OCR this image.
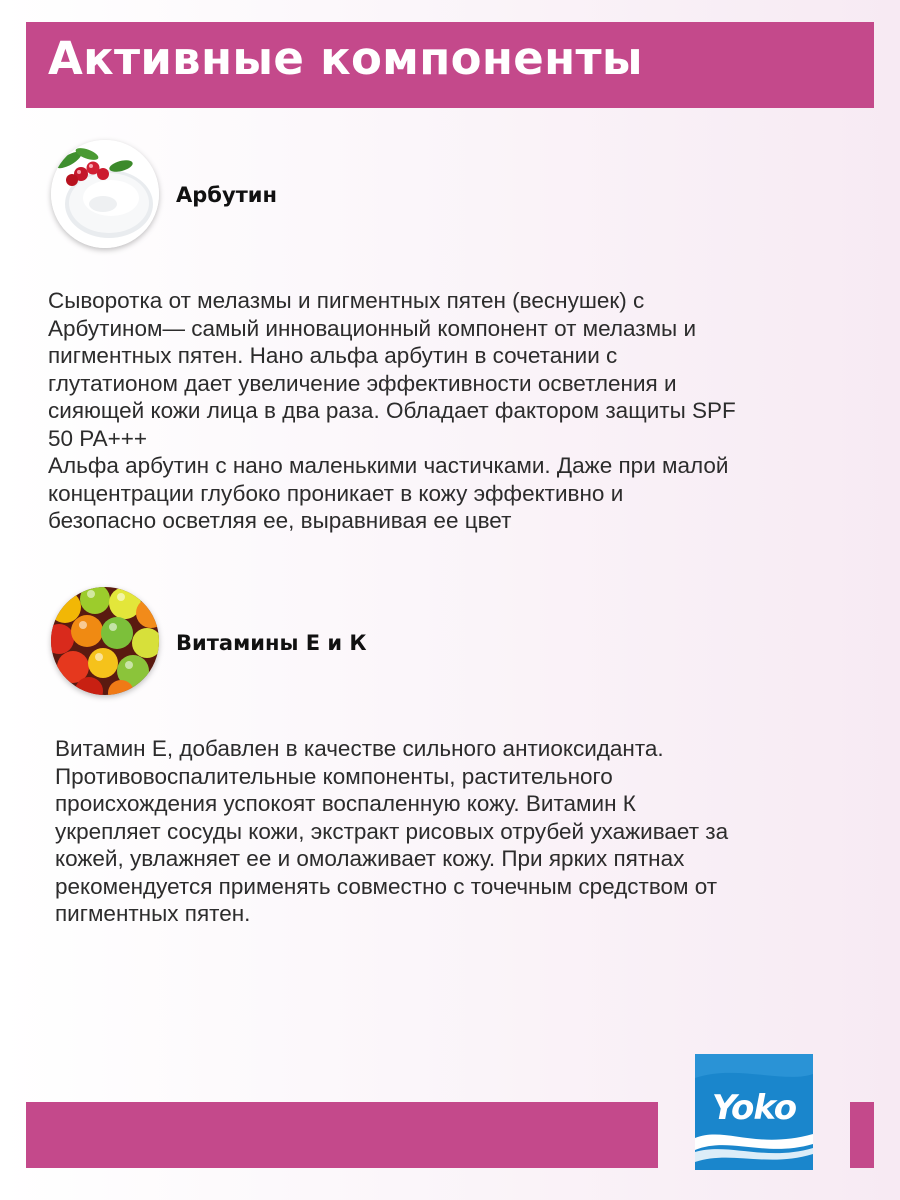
Активные компоненты
Арбутин
Сыворотка от мелазмы и пигментных пятен (веснушек) с
Арбутином— самый инновационный компонент от мелазмы и
пигментных пятен. Нано альфа арбутин в сочетании с
глутатионом дает увеличение эффективности осветления и
сияющей кожи лица в два раза. Обладает фактором защиты SPF
50 PA+++
Альфа арбутин с нано маленькими частичками. Даже при малой
концентрации глубоко проникает в кожу эффективно и
безопасно осветляя ее, выравнивая ее цвет
Витамины Е и К
Витамин Е, добавлен в качестве сильного антиоксиданта.
Противовоспалительные компоненты, растительного
происхождения успокоят воспаленную кожу. Витамин К
укрепляет сосуды кожи, экстракт рисовых отрубей ухаживает за
кожей, увлажняет ее и омолаживает кожу. При ярких пятнах
рекомендуется применять совместно с точечным средством от
пигментных пятен.
Yoko
